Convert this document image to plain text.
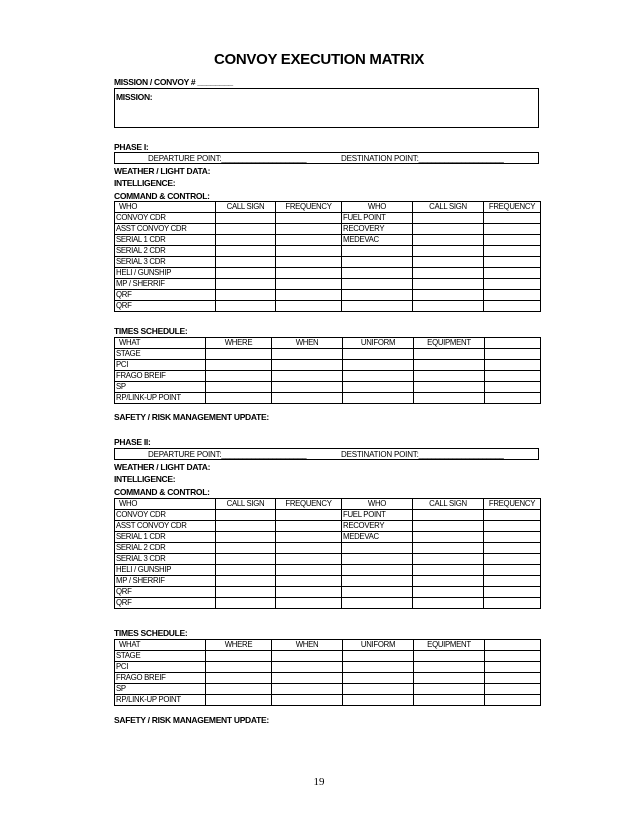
CONVOY EXECUTION MATRIX
MISSION / CONVOY # ________
MISSION:
PHASE I:
DEPARTURE POINT:____________________	DESTINATION POINT:____________________
WEATHER / LIGHT DATA:
INTELLIGENCE:
COMMAND & CONTROL:
WHO	CALL SIGN	FREQUENCY	WHO	CALL SIGN	FREQUENCY
CONVOY CDR			FUEL POINT		
ASST CONVOY CDR			RECOVERY		
SERIAL 1 CDR			MEDEVAC		
SERIAL 2 CDR					
SERIAL 3 CDR					
HELI / GUNSHIP					
MP / SHERRIF					
QRF					
QRF					
TIMES SCHEDULE:
WHAT	WHERE	WHEN	UNIFORM	EQUIPMENT	
STAGE					
PCI					
FRAGO BREIF					
SP					
RP/LINK-UP POINT					
SAFETY / RISK MANAGEMENT UPDATE:
PHASE II:
DEPARTURE POINT:____________________	DESTINATION POINT:____________________
WEATHER / LIGHT DATA:
INTELLIGENCE:
COMMAND & CONTROL:
WHO	CALL SIGN	FREQUENCY	WHO	CALL SIGN	FREQUENCY
CONVOY CDR			FUEL POINT		
ASST CONVOY CDR			RECOVERY		
SERIAL 1 CDR			MEDEVAC		
SERIAL 2 CDR					
SERIAL 3 CDR					
HELI / GUNSHIP					
MP / SHERRIF					
QRF					
QRF					
TIMES SCHEDULE:
WHAT	WHERE	WHEN	UNIFORM	EQUIPMENT	
STAGE					
PCI					
FRAGO BREIF					
SP					
RP/LINK-UP POINT					
SAFETY / RISK MANAGEMENT UPDATE:
19
